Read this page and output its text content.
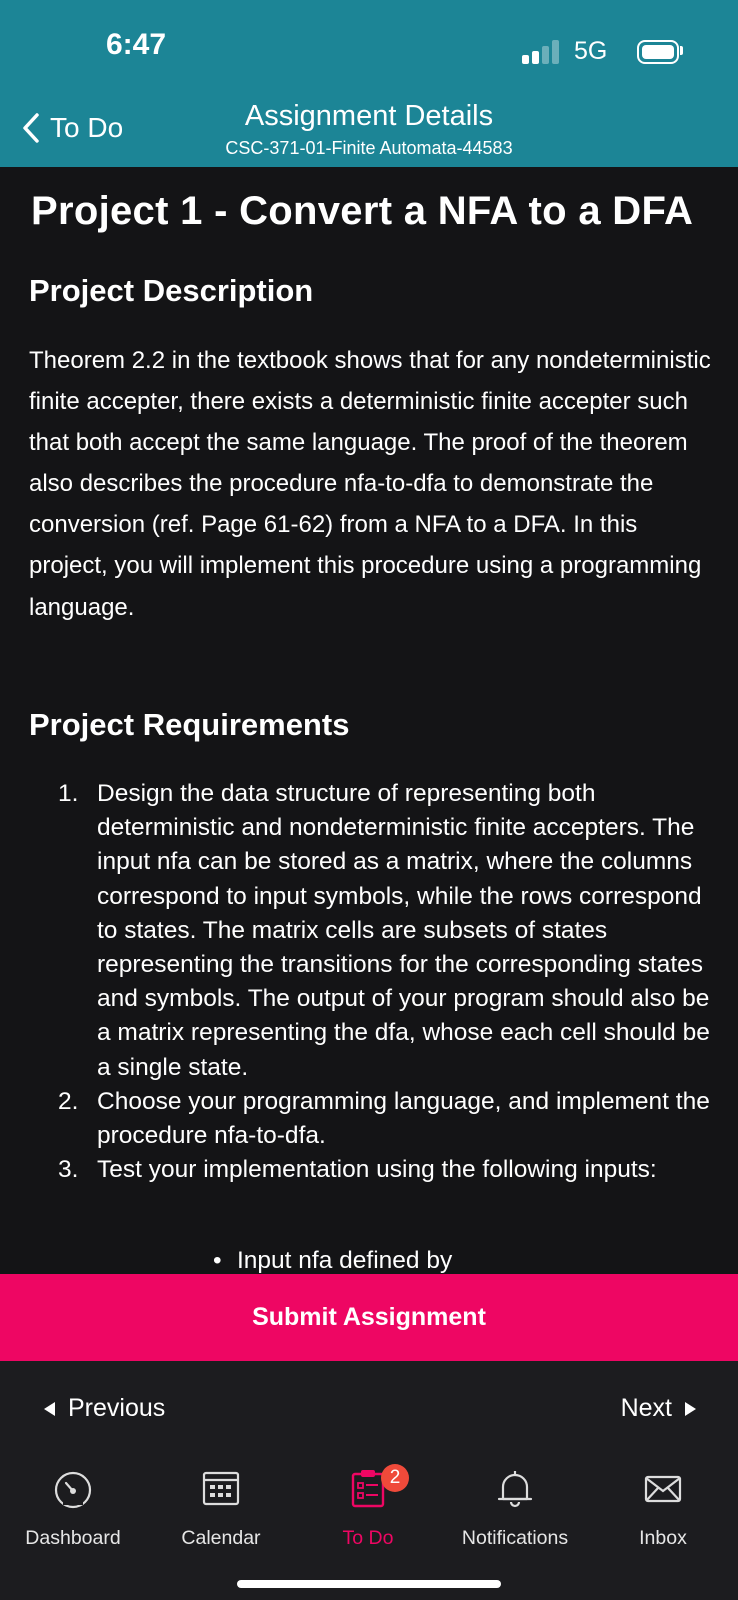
6:47	5G
To Do	Assignment Details
CSC-371-01-Finite Automata-44583
Project 1 - Convert a NFA to a DFA
Project Description
Theorem 2.2 in the textbook shows that for any nondeterministic finite accepter, there exists a deterministic finite accepter such that both accept the same language. The proof of the theorem also describes the procedure nfa-to-dfa to demonstrate the conversion (ref. Page 61-62) from a NFA to a DFA. In this project, you will implement this procedure using a programming language.
Project Requirements
1. Design the data structure of representing both deterministic and nondeterministic finite accepters. The input nfa can be stored as a matrix, where the columns correspond to input symbols, while the rows correspond to states. The matrix cells are subsets of states representing the transitions for the corresponding states and symbols. The output of your program should also be a matrix representing the dfa, whose each cell should be a single state.
2. Choose your programming language, and implement the procedure nfa-to-dfa.
3. Test your implementation using the following inputs:
• Input nfa defined by
Submit Assignment
Previous	Next
Dashboard	Calendar
2
To Do	Notifications	Inbox
